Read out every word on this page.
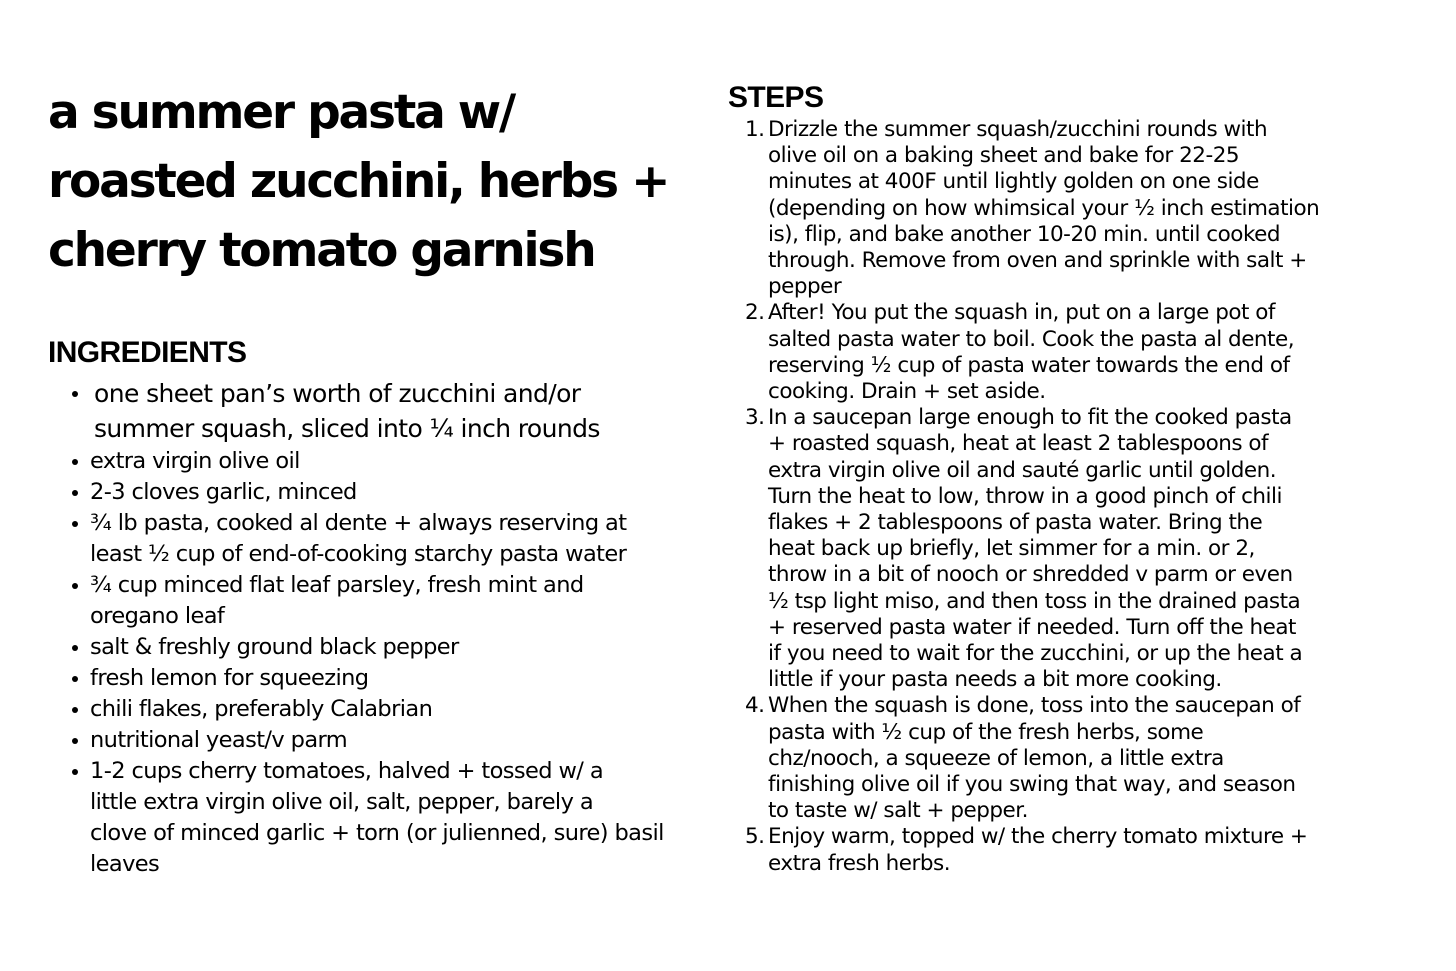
a summer pasta w/
roasted zucchini, herbs +
cherry tomato garnish
INGREDIENTS
one sheet pan’s worth of zucchini and/or
summer squash, sliced into ¼ inch rounds
extra virgin olive oil
2-3 cloves garlic, minced
¾ lb pasta, cooked al dente + always reserving at
least ½ cup of end-of-cooking starchy pasta water
¾ cup minced flat leaf parsley, fresh mint and
oregano leaf
salt & freshly ground black pepper
fresh lemon for squeezing
chili flakes, preferably Calabrian
nutritional yeast/v parm
1-2 cups cherry tomatoes, halved + tossed w/ a
little extra virgin olive oil, salt, pepper, barely a
clove of minced garlic + torn (or julienned, sure) basil
leaves
STEPS
1. Drizzle the summer squash/zucchini rounds with
olive oil on a baking sheet and bake for 22-25
minutes at 400F until lightly golden on one side
(depending on how whimsical your ½ inch estimation
is), flip, and bake another 10-20 min. until cooked
through. Remove from oven and sprinkle with salt +
pepper
2. After! You put the squash in, put on a large pot of
salted pasta water to boil. Cook the pasta al dente,
reserving ½ cup of pasta water towards the end of
cooking. Drain + set aside.
3. In a saucepan large enough to fit the cooked pasta
+ roasted squash, heat at least 2 tablespoons of
extra virgin olive oil and sauté garlic until golden.
Turn the heat to low, throw in a good pinch of chili
flakes + 2 tablespoons of pasta water. Bring the
heat back up briefly, let simmer for a min. or 2,
throw in a bit of nooch or shredded v parm or even
½ tsp light miso, and then toss in the drained pasta
+ reserved pasta water if needed. Turn off the heat
if you need to wait for the zucchini, or up the heat a
little if your pasta needs a bit more cooking.
4. When the squash is done, toss into the saucepan of
pasta with ½ cup of the fresh herbs, some
chz/nooch, a squeeze of lemon, a little extra
finishing olive oil if you swing that way, and season
to taste w/ salt + pepper.
5. Enjoy warm, topped w/ the cherry tomato mixture +
extra fresh herbs.
